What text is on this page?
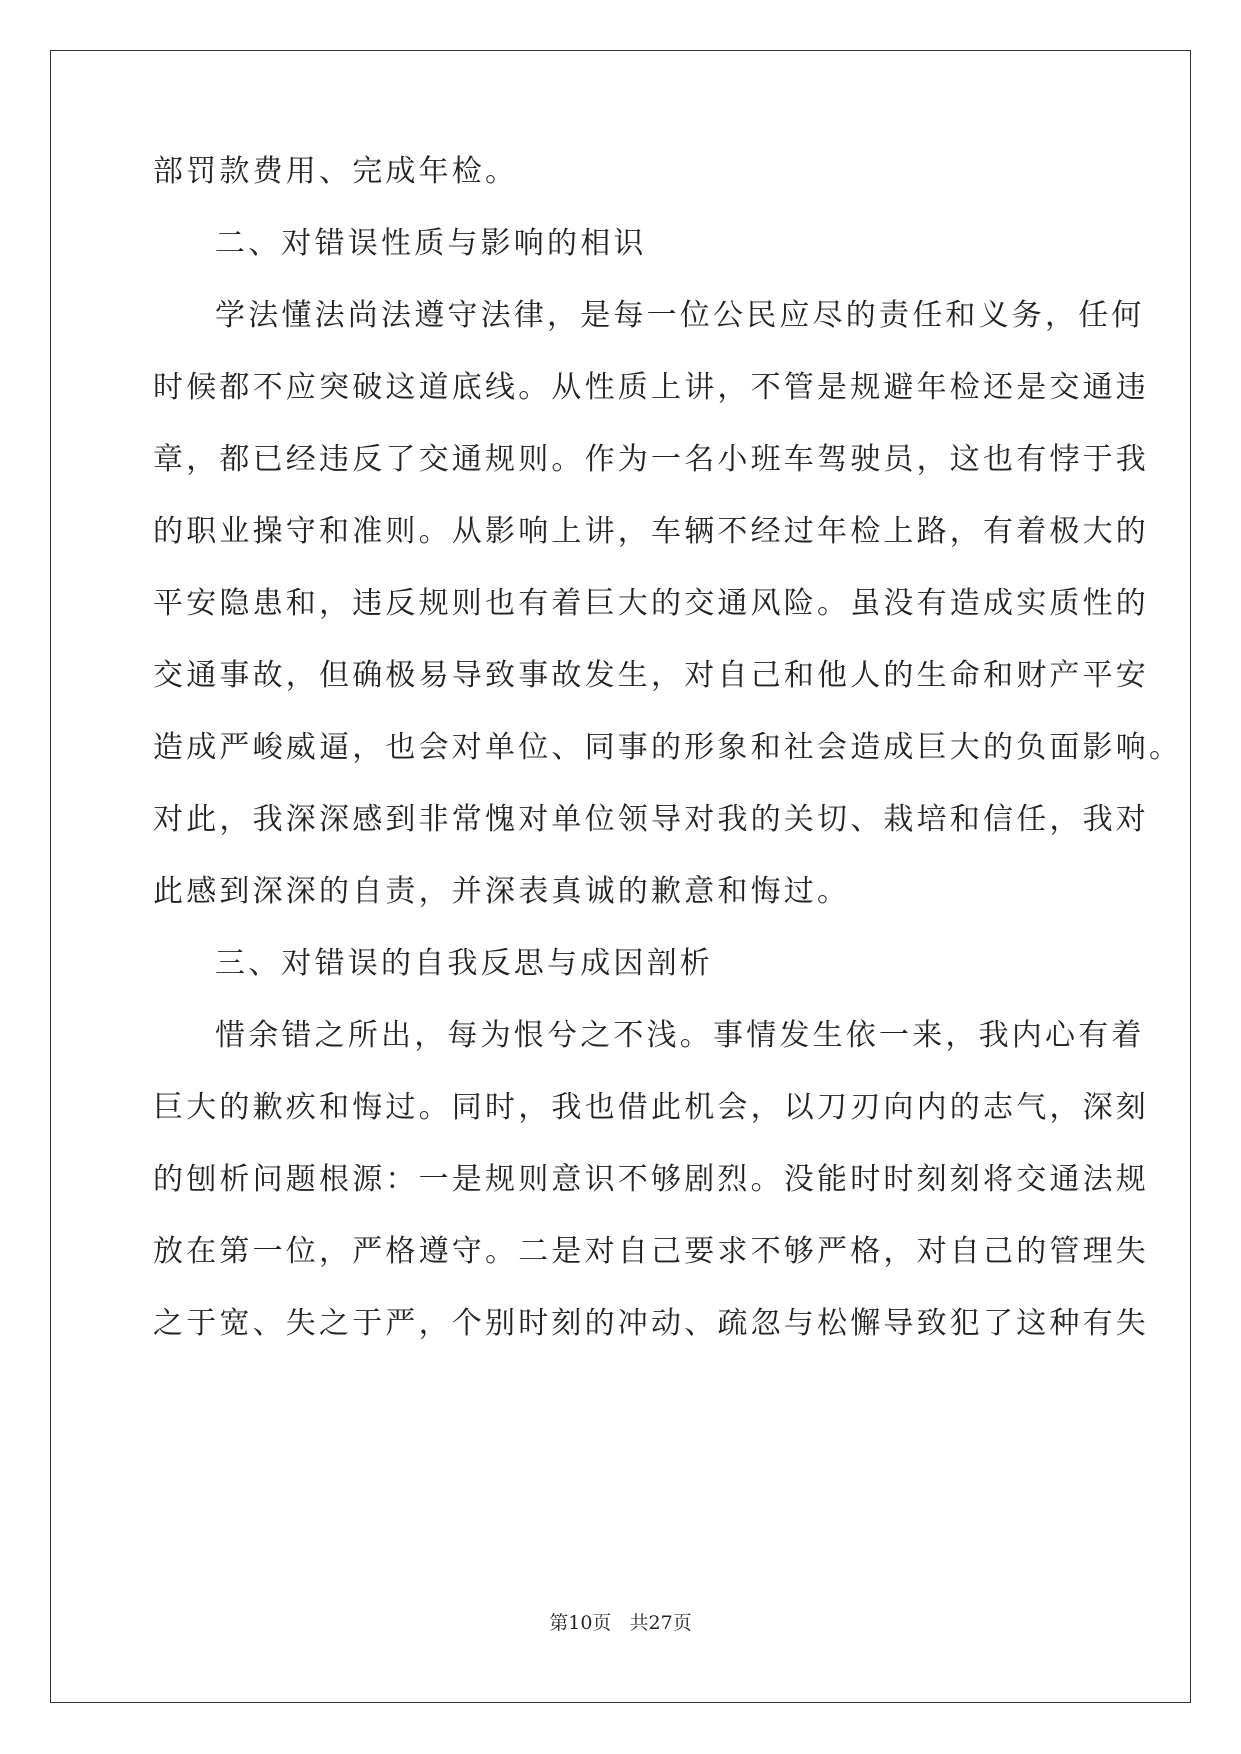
部罚款费用、完成年检。
二、对错误性质与影响的相识
学法懂法尚法遵守法律，是每一位公民应尽的责任和义务，任何
时候都不应突破这道底线。从性质上讲，不管是规避年检还是交通违
章，都已经违反了交通规则。作为一名小班车驾驶员，这也有悖于我
的职业操守和准则。从影响上讲，车辆不经过年检上路，有着极大的
平安隐患和，违反规则也有着巨大的交通风险。虽没有造成实质性的
交通事故，但确极易导致事故发生，对自己和他人的生命和财产平安
造成严峻威逼，也会对单位、同事的形象和社会造成巨大的负面影响。
对此，我深深感到非常愧对单位领导对我的关切、栽培和信任，我对
此感到深深的自责，并深表真诚的歉意和悔过。
三、对错误的自我反思与成因剖析
惜余错之所出，每为恨兮之不浅。事情发生依一来，我内心有着
巨大的歉疚和悔过。同时，我也借此机会，以刀刃向内的志气，深刻
的刨析问题根源：一是规则意识不够剧烈。没能时时刻刻将交通法规
放在第一位，严格遵守。二是对自己要求不够严格，对自己的管理失
之于宽、失之于严，个别时刻的冲动、疏忽与松懈导致犯了这种有失
第10页   共27页
